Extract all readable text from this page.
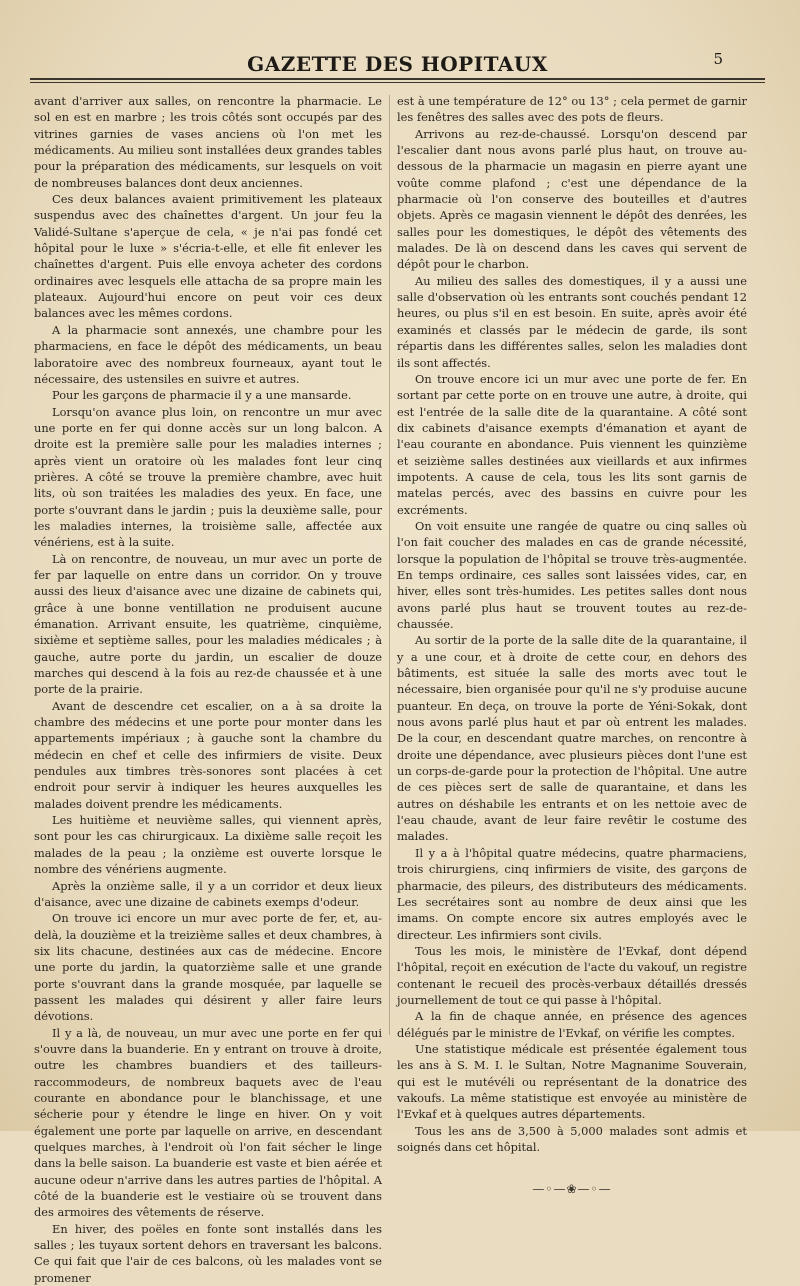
GAZETTE DES HOPITAUX	5

avant d'arriver aux salles, on rencontre la pharmacie. Le sol en est en marbre ; les trois côtés sont occupés par des vitrines garnies de vases anciens où l'on met les médicaments. Au milieu sont installées deux grandes tables pour la préparation des médicaments, sur lesquels on voit de nombreuses balances dont deux anciennes.

Ces deux balances avaient primitivement les plateaux suspendus avec des chaînettes d'argent. Un jour feu la Validé-Sultane s'aperçue de cela, « je n'ai pas fondé cet hôpital pour le luxe » s'écria-t-elle, et elle fit enlever les chaînettes d'argent. Puis elle envoya acheter des cordons ordinaires avec lesquels elle attacha de sa propre main les plateaux. Aujourd'hui encore on peut voir ces deux balances avec les mêmes cordons.

A la pharmacie sont annexés, une chambre pour les pharmaciens, en face le dépôt des médicaments, un beau laboratoire avec des nombreux fourneaux, ayant tout le nécessaire, des ustensiles en suivre et autres.

Pour les garçons de pharmacie il y a une mansarde.

Lorsqu'on avance plus loin, on rencontre un mur avec une porte en fer qui donne accès sur un long balcon. A droite est la première salle pour les maladies internes ; après vient un oratoire où les malades font leur cinq prières. A côté se trouve la première chambre, avec huit lits, où son traitées les maladies des yeux. En face, une porte s'ouvrant dans le jardin ; puis la deuxième salle, pour les maladies internes, la troisième salle, affectée aux vénériens, est à la suite.

Là on rencontre, de nouveau, un mur avec un porte de fer par laquelle on entre dans un corridor. On y trouve aussi des lieux d'aisance avec une dizaine de cabinets qui, grâce à une bonne ventillation ne produisent aucune émanation. Arrivant ensuite, les quatrième, cinquième, sixième et septième salles, pour les maladies médicales ; à gauche, autre porte du jardin, un escalier de douze marches qui descend à la fois au rez-de chaussée et à une porte de la prairie.

Avant de descendre cet escalier, on a à sa droite la chambre des médecins et une porte pour monter dans les appartements impériaux ; à gauche sont la chambre du médecin en chef et celle des infirmiers de visite. Deux pendules aux timbres très-sonores sont placées à cet endroit pour servir à indiquer les heures auxquelles les malades doivent prendre les médicaments.

Les huitième et neuvième salles, qui viennent après, sont pour les cas chirurgicaux. La dixième salle reçoit les malades de la peau ; la onzième est ouverte lorsque le nombre des vénériens augmente.

Après la onzième salle, il y a un corridor et deux lieux d'aisance, avec une dizaine de cabinets exemps d'odeur.

On trouve ici encore un mur avec porte de fer, et, au-delà, la douzième et la treizième salles et deux chambres, à six lits chacune, destinées aux cas de médecine. Encore une porte du jardin, la quatorzième salle et une grande porte s'ouvrant dans la grande mosquée, par laquelle se passent les malades qui désirent y aller faire leurs dévotions.

Il y a là, de nouveau, un mur avec une porte en fer qui s'ouvre dans la buanderie. En y entrant on trouve à droite, outre les chambres buandiers et des tailleurs-raccommodeurs, de nombreux baquets avec de l'eau courante en abondance pour le blanchissage, et une sécherie pour y étendre le linge en hiver. On y voit également une porte par laquelle on arrive, en descendant quelques marches, à l'endroit où l'on fait sécher le linge dans la belle saison. La buanderie est vaste et bien aérée et aucune odeur n'arrive dans les autres parties de l'hôpital. A côté de la buanderie est le vestiaire où se trouvent dans des armoires des vêtements de réserve.

En hiver, des poëles en fonte sont installés dans les salles ; les tuyaux sortent dehors en traversant les balcons. Ce qui fait que l'air de ces balcons, où les malades vont se promener

est à une température de 12° ou 13° ; cela permet de garnir les fenêtres des salles avec des pots de fleurs.

Arrivons au rez-de-chaussé. Lorsqu'on descend par l'escalier dant nous avons parlé plus haut, on trouve au-dessous de la pharmacie un magasin en pierre ayant une voûte comme plafond ; c'est une dépendance de la pharmacie où l'on conserve des bouteilles et d'autres objets. Après ce magasin viennent le dépôt des denrées, les salles pour les domestiques, le dépôt des vêtements des malades. De là on descend dans les caves qui servent de dépôt pour le charbon.

Au milieu des salles des domestiques, il y a aussi une salle d'observation où les entrants sont couchés pendant 12 heures, ou plus s'il en est besoin. En suite, après avoir été examinés et classés par le médecin de garde, ils sont répartis dans les différentes salles, selon les maladies dont ils sont affectés.

On trouve encore ici un mur avec une porte de fer. En sortant par cette porte on en trouve une autre, à droite, qui est l'entrée de la salle dite de la quarantaine. A côté sont dix cabinets d'aisance exempts d'émanation et ayant de l'eau courante en abondance. Puis viennent les quinzième et seizième salles destinées aux vieillards et aux infirmes impotents. A cause de cela, tous les lits sont garnis de matelas percés, avec des bassins en cuivre pour les excréments.

On voit ensuite une rangée de quatre ou cinq salles où l'on fait coucher des malades en cas de grande nécessité, lorsque la population de l'hôpital se trouve très-augmentée. En temps ordinaire, ces salles sont laissées vides, car, en hiver, elles sont très-humides. Les petites salles dont nous avons parlé plus haut se trouvent toutes au rez-de-chaussée.

Au sortir de la porte de la salle dite de la quarantaine, il y a une cour, et à droite de cette cour, en dehors des bâtiments, est située la salle des morts avec tout le nécessaire, bien organisée pour qu'il ne s'y produise aucune puanteur. En deça, on trouve la porte de Yéni-Sokak, dont nous avons parlé plus haut et par où entrent les malades. De la cour, en descendant quatre marches, on rencontre à droite une dépendance, avec plusieurs pièces dont l'une est un corps-de-garde pour la protection de l'hôpital. Une autre de ces pièces sert de salle de quarantaine, et dans les autres on déshabile les entrants et on les nettoie avec de l'eau chaude, avant de leur faire revêtir le costume des malades.

Il y a à l'hôpital quatre médecins, quatre pharmaciens, trois chirurgiens, cinq infirmiers de visite, des garçons de pharmacie, des pileurs, des distributeurs des médicaments. Les secrétaires sont au nombre de deux ainsi que les imams. On compte encore six autres employés avec le directeur. Les infirmiers sont civils.

Tous les mois, le ministère de l'Evkaf, dont dépend l'hôpital, reçoit en exécution de l'acte du vakouf, un registre contenant le recueil des procès-verbaux détaillés dressés journellement de tout ce qui passe à l'hôpital.

A la fin de chaque année, en présence des agences délégués par le ministre de l'Evkaf, on vérifie les comptes.

Une statistique médicale est présentée également tous les ans à S. M. I. le Sultan, Notre Magnanime Souverain, qui est le mutévéli ou représentant de la donatrice des vakoufs. La même statistique est envoyée au ministère de l'Evkaf et à quelques autres départements.

Tous les ans de 3,500 à 5,000 malades sont admis et soignés dans cet hôpital.

—◦—❀—◦—
